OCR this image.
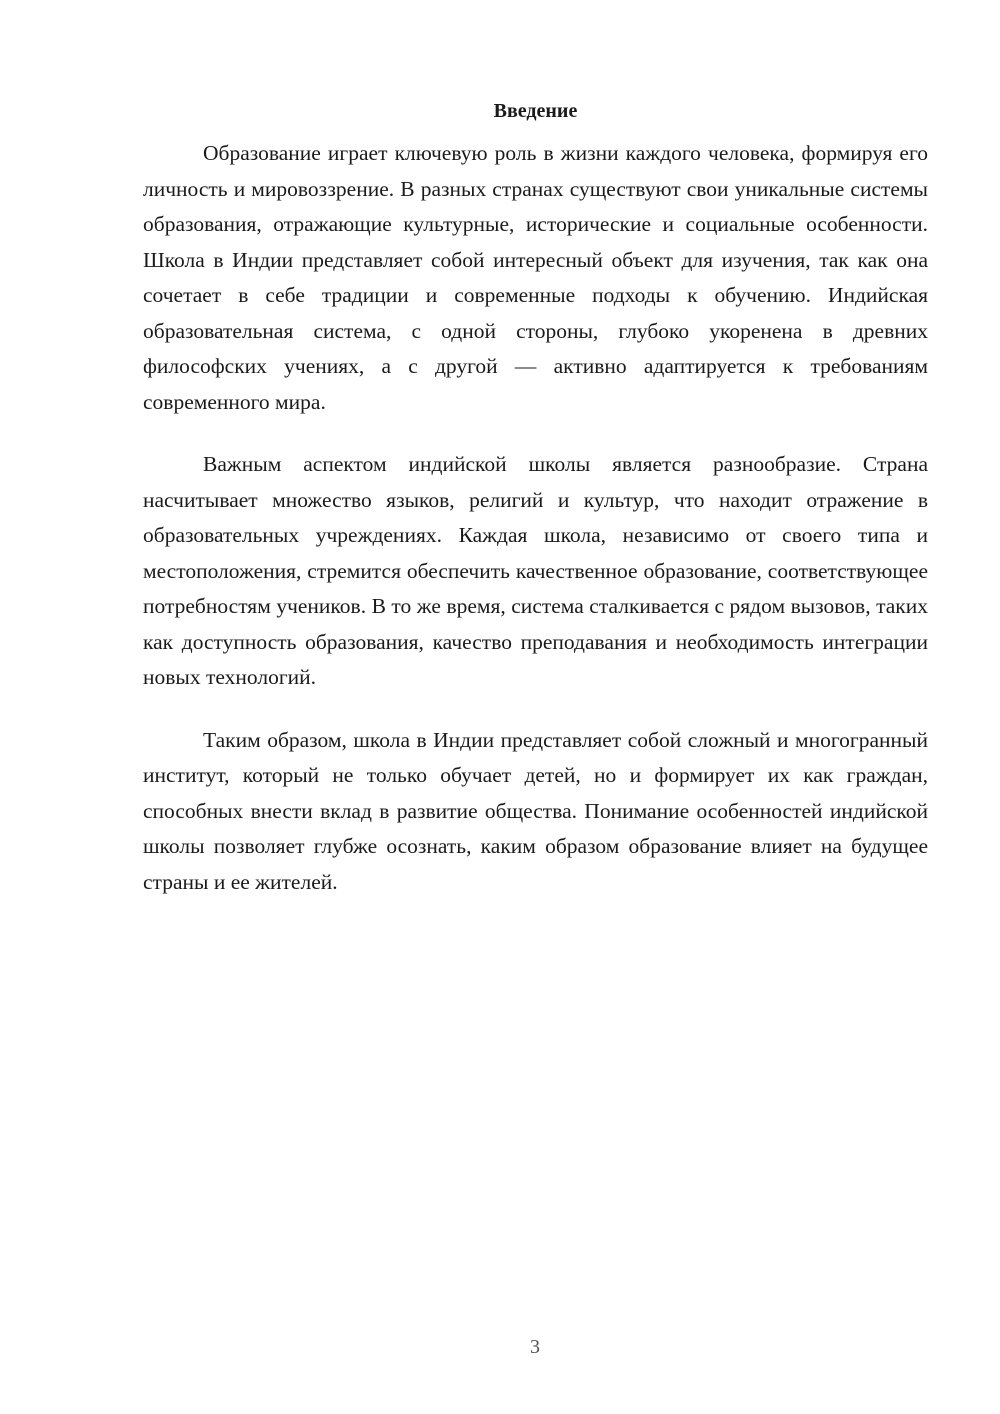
Введение

Образование играет ключевую роль в жизни каждого человека, формируя его личность и мировоззрение. В разных странах существуют свои уникальные системы образования, отражающие культурные, исторические и социальные особенности. Школа в Индии представляет собой интересный объект для изучения, так как она сочетает в себе традиции и современные подходы к обучению. Индийская образовательная система, с одной стороны, глубоко укоренена в древних философских учениях, а с другой — активно адаптируется к требованиям современного мира.

Важным аспектом индийской школы является разнообразие. Страна насчитывает множество языков, религий и культур, что находит отражение в образовательных учреждениях. Каждая школа, независимо от своего типа и местоположения, стремится обеспечить качественное образование, соответствующее потребностям учеников. В то же время, система сталкивается с рядом вызовов, таких как доступность образования, качество преподавания и необходимость интеграции новых технологий.

Таким образом, школа в Индии представляет собой сложный и многогранный институт, который не только обучает детей, но и формирует их как граждан, способных внести вклад в развитие общества. Понимание особенностей индийской школы позволяет глубже осознать, каким образом образование влияет на будущее страны и ее жителей.

3
